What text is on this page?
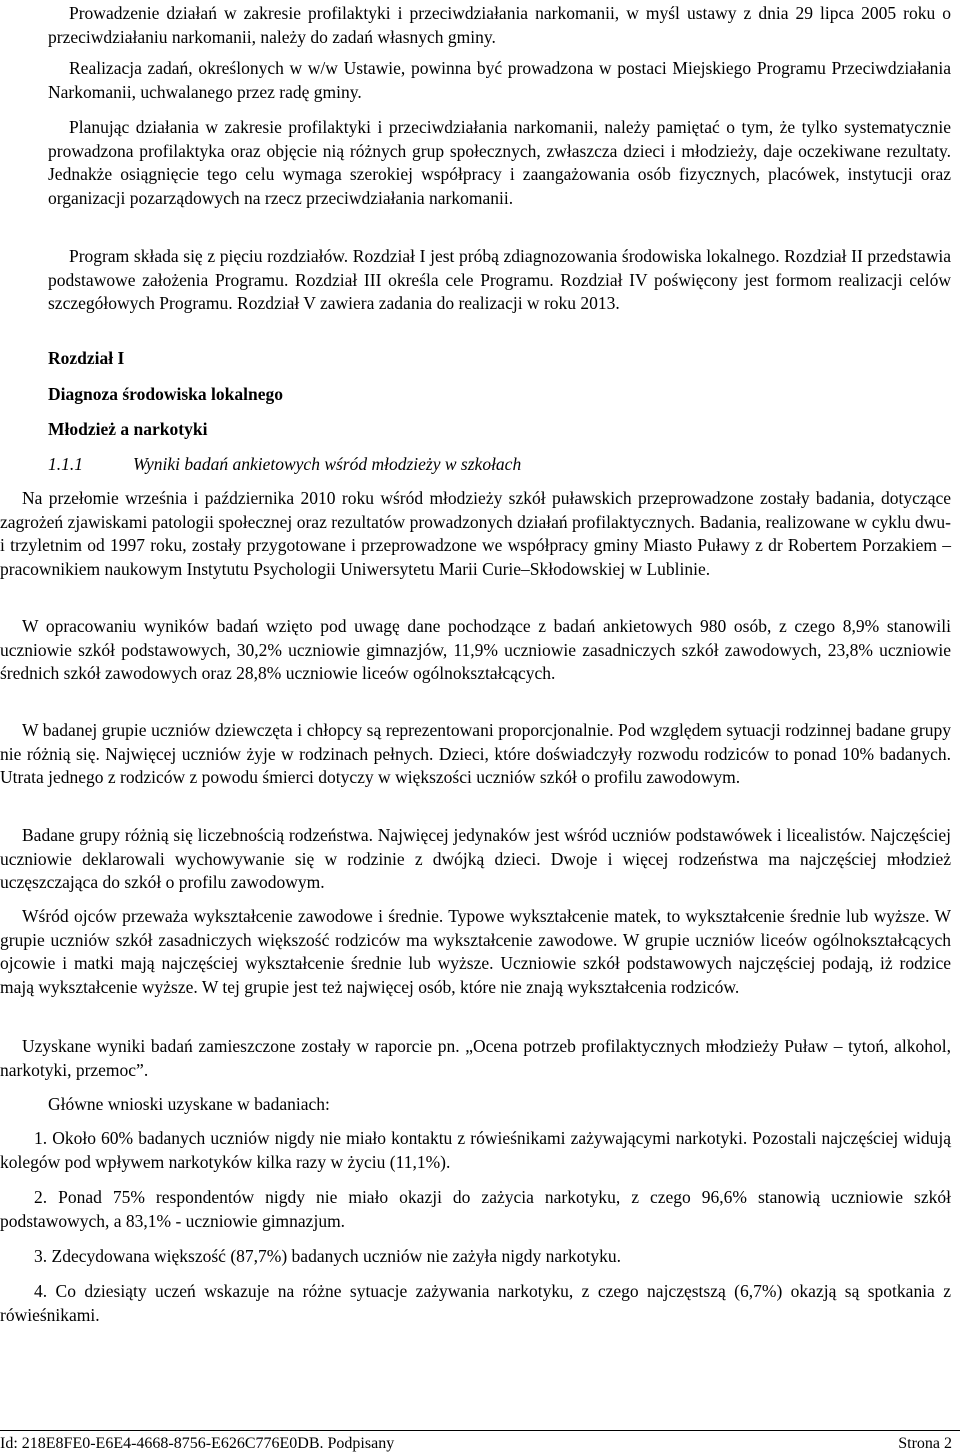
Prowadzenie działań w zakresie profilaktyki i przeciwdziałania narkomanii, w myśl ustawy z dnia 29 lipca 2005 roku o przeciwdziałaniu narkomanii, należy do zadań własnych gminy.

Realizacja zadań, określonych w w/w Ustawie, powinna być prowadzona w postaci Miejskiego Programu Przeciwdziałania Narkomanii, uchwalanego przez radę gminy.

Planując działania w zakresie profilaktyki i przeciwdziałania narkomanii, należy pamiętać o tym, że tylko systematycznie prowadzona profilaktyka oraz objęcie nią różnych grup społecznych, zwłaszcza dzieci i młodzieży, daje oczekiwane rezultaty. Jednakże osiągnięcie tego celu wymaga szerokiej współpracy i zaangażowania osób fizycznych, placówek, instytucji oraz organizacji pozarządowych na rzecz przeciwdziałania narkomanii.

Program składa się z pięciu rozdziałów. Rozdział I jest próbą zdiagnozowania środowiska lokalnego. Rozdział II przedstawia podstawowe założenia Programu. Rozdział III określa cele Programu. Rozdział IV poświęcony jest formom realizacji celów szczegółowych Programu. Rozdział V zawiera zadania do realizacji w roku 2013.

Rozdział I
Diagnoza środowiska lokalnego
Młodzież a narkotyki
1.1.1	Wyniki badań ankietowych wśród młodzieży w szkołach

Na przełomie września i października 2010 roku wśród młodzieży szkół puławskich przeprowadzone zostały badania, dotyczące zagrożeń zjawiskami patologii społecznej oraz rezultatów prowadzonych działań profilaktycznych. Badania, realizowane w cyklu dwu- i trzyletnim od 1997 roku, zostały przygotowane i przeprowadzone we współpracy gminy Miasto Puławy z dr Robertem Porzakiem – pracownikiem naukowym Instytutu Psychologii Uniwersytetu Marii Curie–Skłodowskiej w Lublinie.

W opracowaniu wyników badań wzięto pod uwagę dane pochodzące z badań ankietowych 980 osób, z czego 8,9% stanowili uczniowie szkół podstawowych, 30,2% uczniowie gimnazjów, 11,9% uczniowie zasadniczych szkół zawodowych, 23,8% uczniowie średnich szkół zawodowych oraz 28,8% uczniowie liceów ogólnokształcących.

W badanej grupie uczniów dziewczęta i chłopcy są reprezentowani proporcjonalnie. Pod względem sytuacji rodzinnej badane grupy nie różnią się. Najwięcej uczniów żyje w rodzinach pełnych. Dzieci, które doświadczyły rozwodu rodziców to ponad 10% badanych. Utrata jednego z rodziców z powodu śmierci dotyczy w większości uczniów szkół o profilu zawodowym.

Badane grupy różnią się liczebnością rodzeństwa. Najwięcej jedynaków jest wśród uczniów podstawówek i licealistów. Najczęściej uczniowie deklarowali wychowywanie się w rodzinie z dwójką dzieci. Dwoje i więcej rodzeństwa ma najczęściej młodzież uczęszczająca do szkół o profilu zawodowym.

Wśród ojców przeważa wykształcenie zawodowe i średnie. Typowe wykształcenie matek, to wykształcenie średnie lub wyższe. W grupie uczniów szkół zasadniczych większość rodziców ma wykształcenie zawodowe. W grupie uczniów liceów ogólnokształcących ojcowie i matki mają najczęściej wykształcenie średnie lub wyższe. Uczniowie szkół podstawowych najczęściej podają, iż rodzice mają wykształcenie wyższe. W tej grupie jest też najwięcej osób, które nie znają wykształcenia rodziców.

Uzyskane wyniki badań zamieszczone zostały w raporcie pn. „Ocena potrzeb profilaktycznych młodzieży Puław – tytoń, alkohol, narkotyki, przemoc”.

Główne wnioski uzyskane w badaniach:

1. Około 60% badanych uczniów nigdy nie miało kontaktu z rówieśnikami zażywającymi narkotyki. Pozostali najczęściej widują kolegów pod wpływem narkotyków kilka razy w życiu (11,1%).

2. Ponad 75% respondentów nigdy nie miało okazji do zażycia narkotyku, z czego 96,6% stanowią uczniowie szkół podstawowych, a 83,1% - uczniowie gimnazjum.

3. Zdecydowana większość (87,7%) badanych uczniów nie zażyła nigdy narkotyku.

4. Co dziesiąty uczeń wskazuje na różne sytuacje zażywania narkotyku, z czego najczęstszą (6,7%) okazją są spotkania z rówieśnikami.

Id: 218E8FE0-E6E4-4668-8756-E626C776E0DB. Podpisany	Strona 2
